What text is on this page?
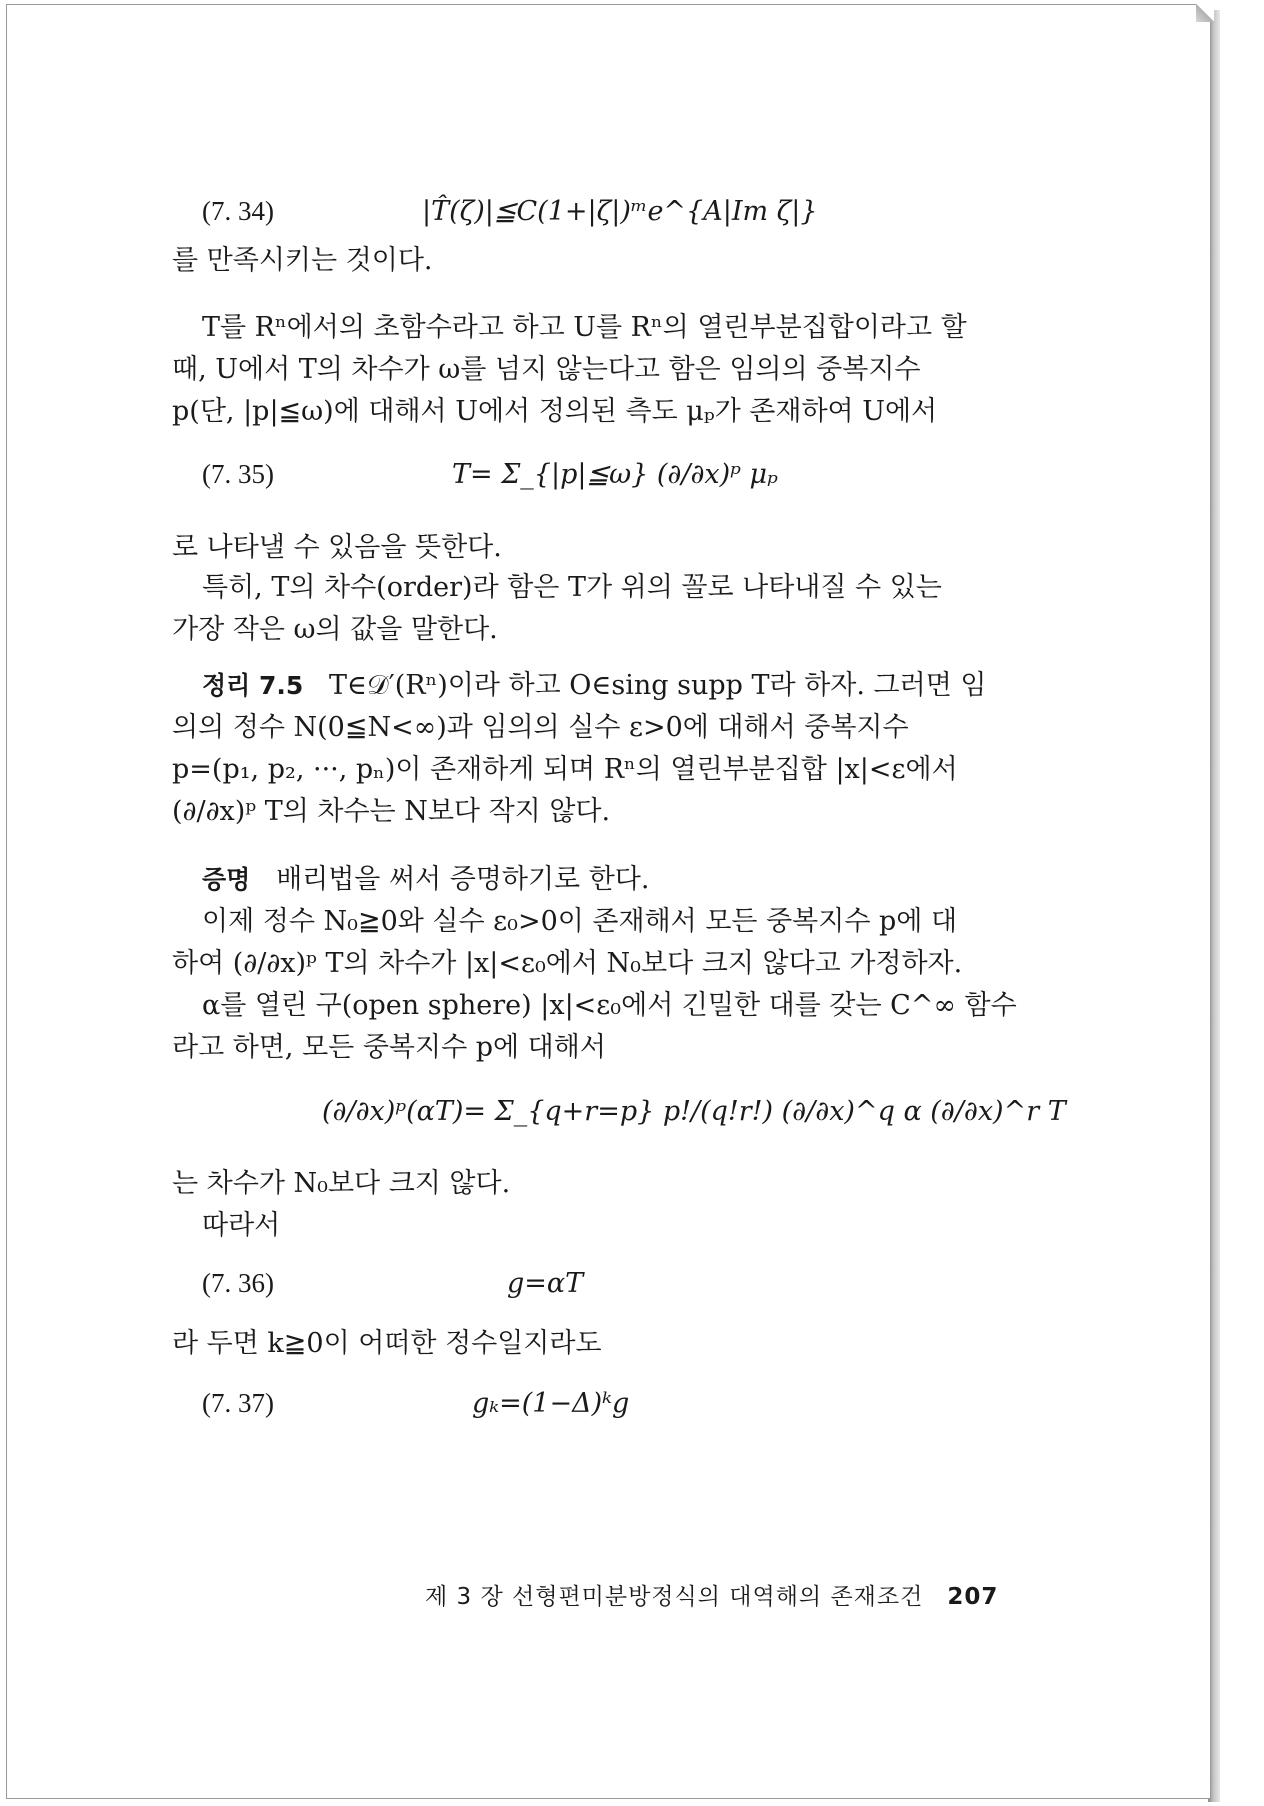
(7. 34)	|T̂(ζ)|≦C(1+|ζ|)ᵐe^{A|Im ζ|}
를 만족시키는 것이다.
T를 Rⁿ에서의 초함수라고 하고 U를 Rⁿ의 열린부분집합이라고 할
때, U에서 T의 차수가 ω를 넘지 않는다고 함은 임의의 중복지수
p(단, |p|≦ω)에 대해서 U에서 정의된 측도 μₚ가 존재하여 U에서
(7. 35)	T= Σ_{|p|≦ω} (∂/∂x)ᵖ μₚ
로 나타낼 수 있음을 뜻한다.
특히, T의 차수(order)라 함은 T가 위의 꼴로 나타내질 수 있는
가장 작은 ω의 값을 말한다.
정리 7.5 T∈𝒟′(Rⁿ)이라 하고 O∈sing supp T라 하자. 그러면 임
의의 정수 N(0≦N<∞)과 임의의 실수 ε>0에 대해서 중복지수
p=(p₁, p₂, ···, pₙ)이 존재하게 되며 Rⁿ의 열린부분집합 |x|<ε에서
(∂/∂x)ᵖ T의 차수는 N보다 작지 않다.
증명 배리법을 써서 증명하기로 한다.
이제 정수 N₀≧0와 실수 ε₀>0이 존재해서 모든 중복지수 p에 대
하여 (∂/∂x)ᵖ T의 차수가 |x|<ε₀에서 N₀보다 크지 않다고 가정하자.
α를 열린 구(open sphere) |x|<ε₀에서 긴밀한 대를 갖는 C^∞ 함수
라고 하면, 모든 중복지수 p에 대해서
(∂/∂x)ᵖ(αT)= Σ_{q+r=p} p!/(q!r!) (∂/∂x)^q α (∂/∂x)^r T
는 차수가 N₀보다 크지 않다.
따라서
(7. 36)	g=αT
라 두면 k≧0이 어떠한 정수일지라도
(7. 37)	gₖ=(1−Δ)ᵏg
제 3 장 선형편미분방정식의 대역해의 존재조건 207
